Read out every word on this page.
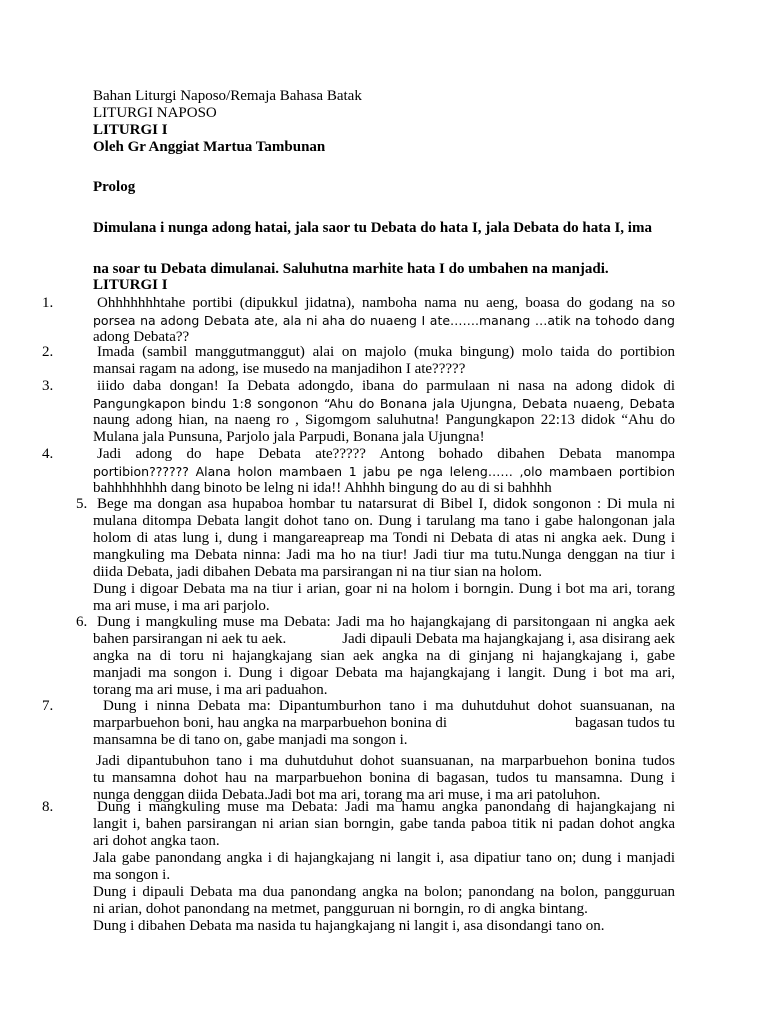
Bahan Liturgi Naposo/Remaja Bahasa Batak
LITURGI NAPOSO
LITURGI I
Oleh Gr Anggiat Martua Tambunan
Prolog
Dimulana i nunga adong hatai, jala saor tu Debata do hata I, jala Debata do hata I, ima
na soar tu Debata dimulanai. Saluhutna marhite hata I do umbahen na manjadi.
LITURGI I
1.	Ohhhhhhhtahe portibi (dipukkul jidatna), namboha nama nu aeng, boasa do godang na so
porsea na adong Debata ate, ala ni aha do nuaeng I ate…….manang …atik na tohodo dang
adong Debata??
2.	Imada (sambil manggutmanggut) alai on majolo (muka bingung) molo taida do portibion
mansai ragam na adong, ise musedo na manjadihon I ate?????
3.	iiido daba dongan! Ia Debata adongdo, ibana do parmulaan ni nasa na adong didok di
Pangungkapon bindu 1:8 songonon “Ahu do Bonana jala Ujungna, Debata nuaeng, Debata
naung adong hian, na naeng ro , Sigomgom saluhutna! Pangungkapon 22:13 didok “Ahu do
Mulana jala Punsuna, Parjolo jala Parpudi, Bonana jala Ujungna!
4.	Jadi adong do hape Debata ate????? Antong bohado dibahen Debata manompa
portibion?????? Alana holon mambaen 1 jabu pe nga leleng…… ,olo mambaen portibion
bahhhhhhhh dang binoto be lelng ni ida!! Ahhhh bingung do au di si bahhhh
5. Bege ma dongan asa hupaboa hombar tu natarsurat di Bibel I, didok songonon : Di mula ni
mulana ditompa Debata langit dohot tano on. Dung i tarulang ma tano i gabe halongonan jala
holom di atas lung i, dung i mangareapreap ma Tondi ni Debata di atas ni angka aek. Dung i
mangkuling ma Debata ninna: Jadi ma ho na tiur! Jadi tiur ma tutu.Nunga denggan na tiur i
diida Debata, jadi dibahen Debata ma parsirangan ni na tiur sian na holom.
Dung i digoar Debata ma na tiur i arian, goar ni na holom i borngin. Dung i bot ma ari, torang
ma ari muse, i ma ari parjolo.
6. Dung i mangkuling muse ma Debata: Jadi ma ho hajangkajang di parsitongaan ni angka aek
bahen parsirangan ni aek tu aek.	Jadi dipauli Debata ma hajangkajang i, asa disirang aek
angka na di toru ni hajangkajang sian aek angka na di ginjang ni hajangkajang i, gabe
manjadi ma songon i. Dung i digoar Debata ma hajangkajang i langit. Dung i bot ma ari,
torang ma ari muse, i ma ari paduahon.
7.	Dung i ninna Debata ma: Dipantumburhon tano i ma duhutduhut dohot suansuanan, na
marparbuehon boni, hau angka na marparbuehon bonina di	bagasan tudos tu
mansamna be di tano on, gabe manjadi ma songon i.
Jadi dipantubuhon tano i ma duhutduhut dohot suansuanan, na marparbuehon bonina tudos
tu mansamna dohot hau na marparbuehon bonina di bagasan, tudos tu mansamna. Dung i
nunga denggan diida Debata.Jadi bot ma ari, torang ma ari muse, i ma ari patoluhon.
8.	Dung i mangkuling muse ma Debata: Jadi ma hamu angka panondang di hajangkajang ni
langit i, bahen parsirangan ni arian sian borngin, gabe tanda paboa titik ni padan dohot angka
ari dohot angka taon.
Jala gabe panondang angka i di hajangkajang ni langit i, asa dipatiur tano on; dung i manjadi
ma songon i.
Dung i dipauli Debata ma dua panondang angka na bolon; panondang na bolon, pangguruan
ni arian, dohot panondang na metmet, pangguruan ni borngin, ro di angka bintang.
Dung i dibahen Debata ma nasida tu hajangkajang ni langit i, asa disondangi tano on.
